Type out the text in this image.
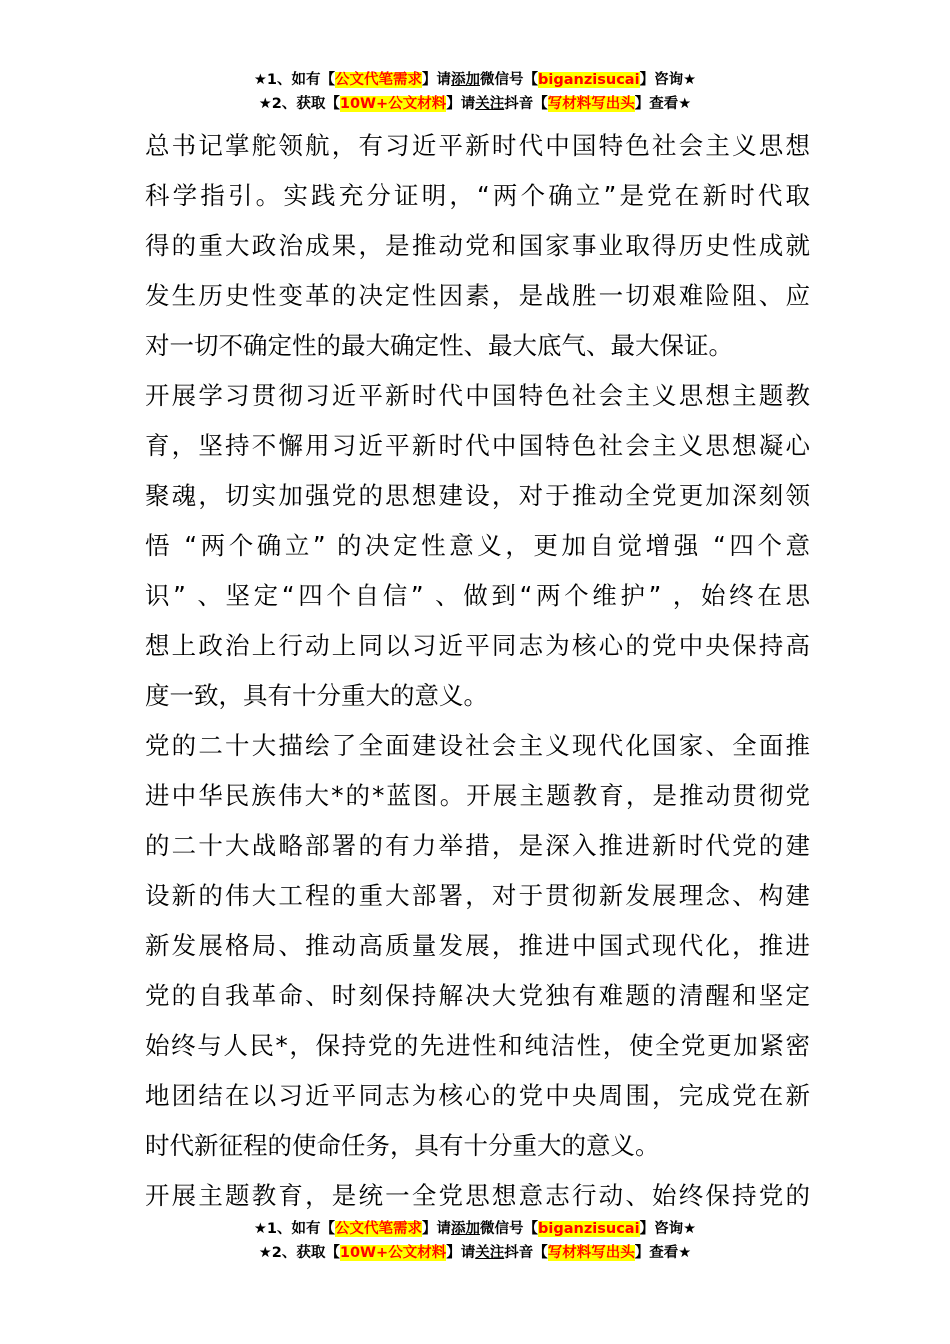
★1、如有【公文代笔需求】请添加微信号【biganzisucai】咨询★
★2、获取【10W+公文材料】请关注抖音【写材料写出头】查看★
总书记掌舵领航，有习近平新时代中国特色社会主义思想
科学指引。实践充分证明，“两个确立”是党在新时代取
得的重大政治成果，是推动党和国家事业取得历史性成就
发生历史性变革的决定性因素，是战胜一切艰难险阻、应
对一切不确定性的最大确定性、最大底气、最大保证。
开展学习贯彻习近平新时代中国特色社会主义思想主题教
育，坚持不懈用习近平新时代中国特色社会主义思想凝心
聚魂，切实加强党的思想建设，对于推动全党更加深刻领
悟 “两个确立” 的决定性意义，更加自觉增强 “四个意
识” 、坚定“四个自信” 、做到“两个维护” ，始终在思
想上政治上行动上同以习近平同志为核心的党中央保持高
度一致，具有十分重大的意义。
党的二十大描绘了全面建设社会主义现代化国家、全面推
进中华民族伟大*的*蓝图。开展主题教育，是推动贯彻党
的二十大战略部署的有力举措，是深入推进新时代党的建
设新的伟大工程的重大部署，对于贯彻新发展理念、构建
新发展格局、推动高质量发展，推进中国式现代化，推进
党的自我革命、时刻保持解决大党独有难题的清醒和坚定
始终与人民*，保持党的先进性和纯洁性，使全党更加紧密
地团结在以习近平同志为核心的党中央周围，完成党在新
时代新征程的使命任务，具有十分重大的意义。
开展主题教育，是统一全党思想意志行动、始终保持党的
★1、如有【公文代笔需求】请添加微信号【biganzisucai】咨询★
★2、获取【10W+公文材料】请关注抖音【写材料写出头】查看★
